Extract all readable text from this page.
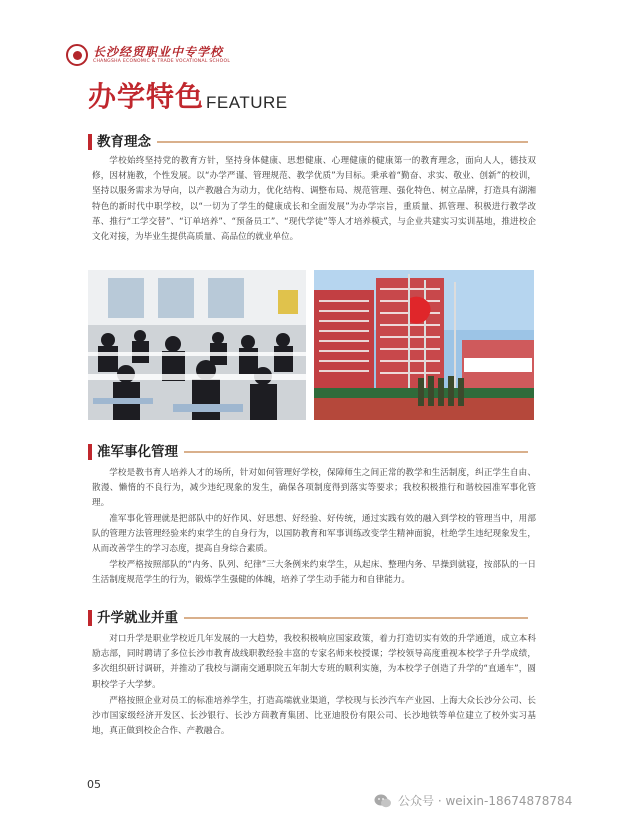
长沙经贸职业中专学校
CHANGSHA ECONOMIC & TRADE VOCATIONAL SCHOOL
办学特色 FEATURE
教育理念

学校始终坚持党的教育方针，坚持身体健康、思想健康、心理健康的健康第一的教育理念，面向人人，德技双修，因材施教，个性发展。以“办学严谨、管理规范、教学优质”为目标。秉承着“勤奋、求实、敬业、创新”的校训，坚持以服务需求为导向，以产教融合为动力，优化结构、调整布局、规范管理、强化特色、树立品牌，打造具有湖湘特色的新时代中职学校，以“一切为了学生的健康成长和全面发展”为办学宗旨，重质量、抓管理、积极进行教学改革、推行“工学交替”、“订单培养”、“预备员工”、“现代学徒”等人才培养模式，与企业共建实习实训基地，推进校企文化对接，为毕业生提供高质量、高品位的就业单位。

准军事化管理

学校是教书育人培养人才的场所，针对如何管理好学校，保障师生之间正常的教学和生活制度，纠正学生自由、散漫、懒惰的不良行为，减少违纪现象的发生，确保各项制度得到落实等要求；我校积极推行和谐校园准军事化管理。

准军事化管理就是把部队中的好作风、好思想、好经验、好传统，通过实践有效的融入到学校的管理当中，用部队的管理方法管理经验来约束学生的自身行为，以国防教育和军事训练改变学生精神面貌，杜绝学生违纪现象发生，从而改善学生的学习态度，提高自身综合素质。

学校严格按照部队的“内务、队列、纪律”三大条例来约束学生，从起床、整理内务、早操到就寝，按部队的一日生活制度规范学生的行为，锻炼学生强健的体魄，培养了学生动手能力和自律能力。

升学就业并重

对口升学是职业学校近几年发展的一大趋势，我校积极响应国家政策，着力打造切实有效的升学通道，成立本科励志部，同时聘请了多位长沙市教育战线职教经验丰富的专家名师来校授课；学校领导高度重视本校学子升学成绩，多次组织研讨调研，并推动了我校与湖南交通职院五年制大专班的顺利实施，为本校学子创造了升学的“直通车”，圆职校学子大学梦。

严格按照企业对员工的标准培养学生，打造高端就业渠道，学校现与长沙汽车产业园、上海大众长沙分公司、长沙市国家级经济开发区、长沙银行、长沙方茴教育集团、比亚迪股份有限公司、长沙地铁等单位建立了校外实习基地，真正做到校企合作、产教融合。

05
公众号 · weixin-18674878784
